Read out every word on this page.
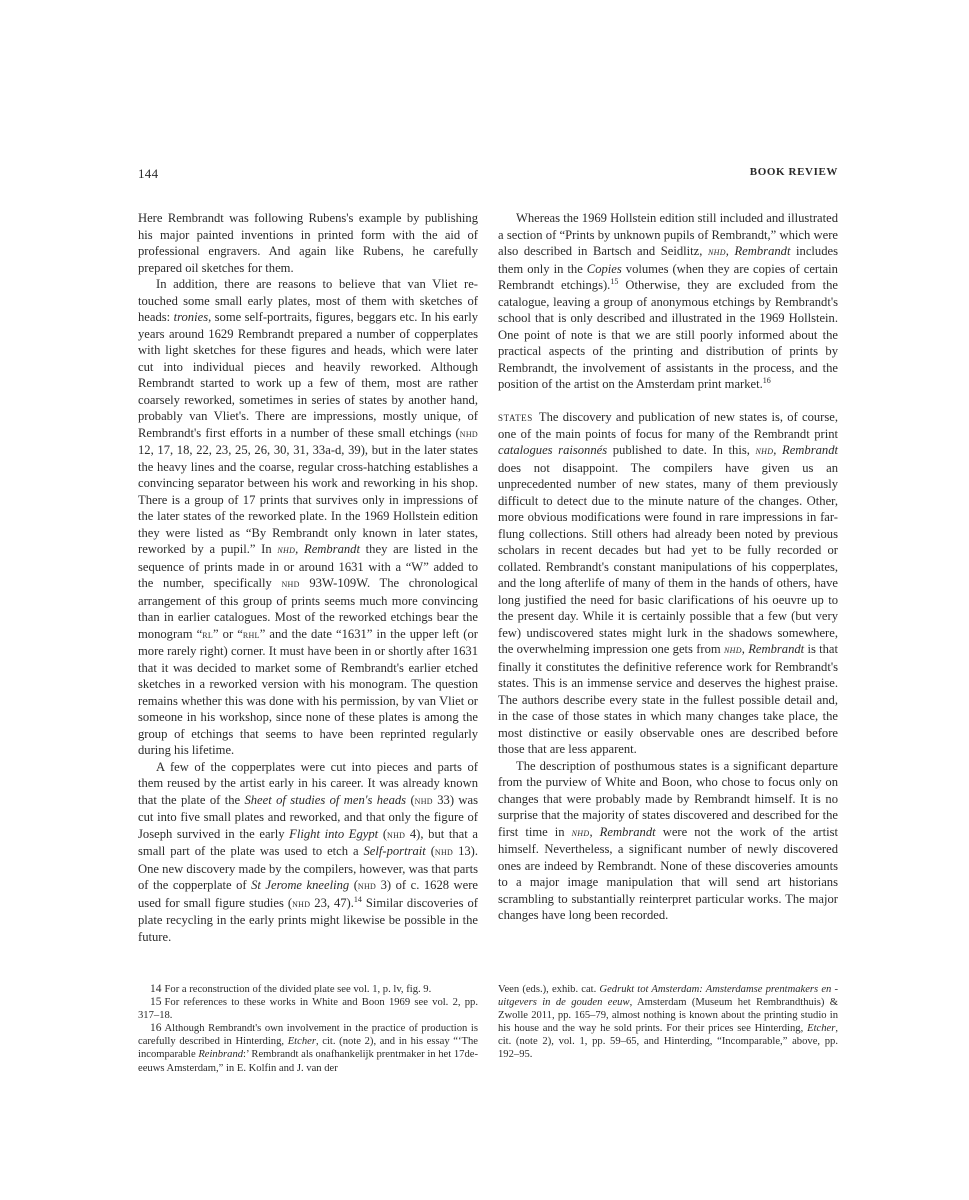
144	BOOK REVIEW

Here Rembrandt was following Rubens's example by publishing his major painted inventions in printed form with the aid of professional engravers. And again like Rubens, he carefully prepared oil sketches for them.

In addition, there are reasons to believe that van Vliet retouched some small early plates, most of them with sketches of heads: tronies, some self-portraits, figures, beggars etc. In his early years around 1629 Rembrandt prepared a number of copperplates with light sketches for these figures and heads, which were later cut into individual pieces and heavily reworked. Although Rembrandt started to work up a few of them, most are rather coarsely reworked, sometimes in series of states by another hand, probably van Vliet's. There are impressions, mostly unique, of Rembrandt's first efforts in a number of these small etchings (nhd 12, 17, 18, 22, 23, 25, 26, 30, 31, 33a-d, 39), but in the later states the heavy lines and the coarse, regular cross-hatching establishes a convincing separator between his work and reworking in his shop. There is a group of 17 prints that survives only in impressions of the later states of the reworked plate. In the 1969 Hollstein edition they were listed as “By Rembrandt only known in later states, reworked by a pupil.” In nhd, Rembrandt they are listed in the sequence of prints made in or around 1631 with a “W” added to the number, specifically nhd 93W-109W. The chronological arrangement of this group of prints seems much more convincing than in earlier catalogues. Most of the reworked etchings bear the monogram “rl” or “rhl” and the date “1631” in the upper left (or more rarely right) corner. It must have been in or shortly after 1631 that it was decided to market some of Rembrandt's earlier etched sketches in a reworked version with his monogram. The question remains whether this was done with his permission, by van Vliet or someone in his workshop, since none of these plates is among the group of etchings that seems to have been reprinted regularly during his lifetime.

A few of the copperplates were cut into pieces and parts of them reused by the artist early in his career. It was already known that the plate of the Sheet of studies of men's heads (nhd 33) was cut into five small plates and reworked, and that only the figure of Joseph survived in the early Flight into Egypt (nhd 4), but that a small part of the plate was used to etch a Self-portrait (nhd 13). One new discovery made by the compilers, however, was that parts of the copperplate of St Jerome kneeling (nhd 3) of c. 1628 were used for small figure studies (nhd 23, 47).$^{14}$ Similar discoveries of plate recycling in the early prints might likewise be possible in the future.

Whereas the 1969 Hollstein edition still included and illustrated a section of “Prints by unknown pupils of Rembrandt,” which were also described in Bartsch and Seidlitz, nhd, Rembrandt includes them only in the Copies volumes (when they are copies of certain Rembrandt etchings).$^{15}$ Otherwise, they are excluded from the catalogue, leaving a group of anonymous etchings by Rembrandt's school that is only described and illustrated in the 1969 Hollstein. One point of note is that we are still poorly informed about the practical aspects of the printing and distribution of prints by Rembrandt, the involvement of assistants in the process, and the position of the artist on the Amsterdam print market.$^{16}$

states The discovery and publication of new states is, of course, one of the main points of focus for many of the Rembrandt print catalogues raisonnés published to date. In this, nhd, Rembrandt does not disappoint. The compilers have given us an unprecedented number of new states, many of them previously difficult to detect due to the minute nature of the changes. Other, more obvious modifications were found in rare impressions in far-flung collections. Still others had already been noted by previous scholars in recent decades but had yet to be fully recorded or collated. Rembrandt's constant manipulations of his copperplates, and the long afterlife of many of them in the hands of others, have long justified the need for basic clarifications of his oeuvre up to the present day. While it is certainly possible that a few (but very few) undiscovered states might lurk in the shadows somewhere, the overwhelming impression one gets from nhd, Rembrandt is that finally it constitutes the definitive reference work for Rembrandt's states. This is an immense service and deserves the highest praise. The authors describe every state in the fullest possible detail and, in the case of those states in which many changes take place, the most distinctive or easily observable ones are described before those that are less apparent.

The description of posthumous states is a significant departure from the purview of White and Boon, who chose to focus only on changes that were probably made by Rembrandt himself. It is no surprise that the majority of states discovered and described for the first time in nhd, Rembrandt were not the work of the artist himself. Nevertheless, a significant number of newly discovered ones are indeed by Rembrandt. None of these discoveries amounts to a major image manipulation that will send art historians scrambling to substantially reinterpret particular works. The major changes have long been recorded.

14 For a reconstruction of the divided plate see vol. 1, p. lv, fig. 9.

15 For references to these works in White and Boon 1969 see vol. 2, pp. 317–18.

16 Although Rembrandt's own involvement in the practice of production is carefully described in Hinterding, Etcher, cit. (note 2), and in his essay “‘The incomparable Reinbrand:’ Rembrandt als onafhankelijk prentmaker in het 17de-eeuws Amsterdam,” in E. Kolfin and J. van der

Veen (eds.), exhib. cat. Gedrukt tot Amsterdam: Amsterdamse prentmakers en -uitgevers in de gouden eeuw, Amsterdam (Museum het Rembrandthuis) & Zwolle 2011, pp. 165–79, almost nothing is known about the printing studio in his house and the way he sold prints. For their prices see Hinterding, Etcher, cit. (note 2), vol. 1, pp. 59–65, and Hinterding, “Incomparable,” above, pp. 192–95.
